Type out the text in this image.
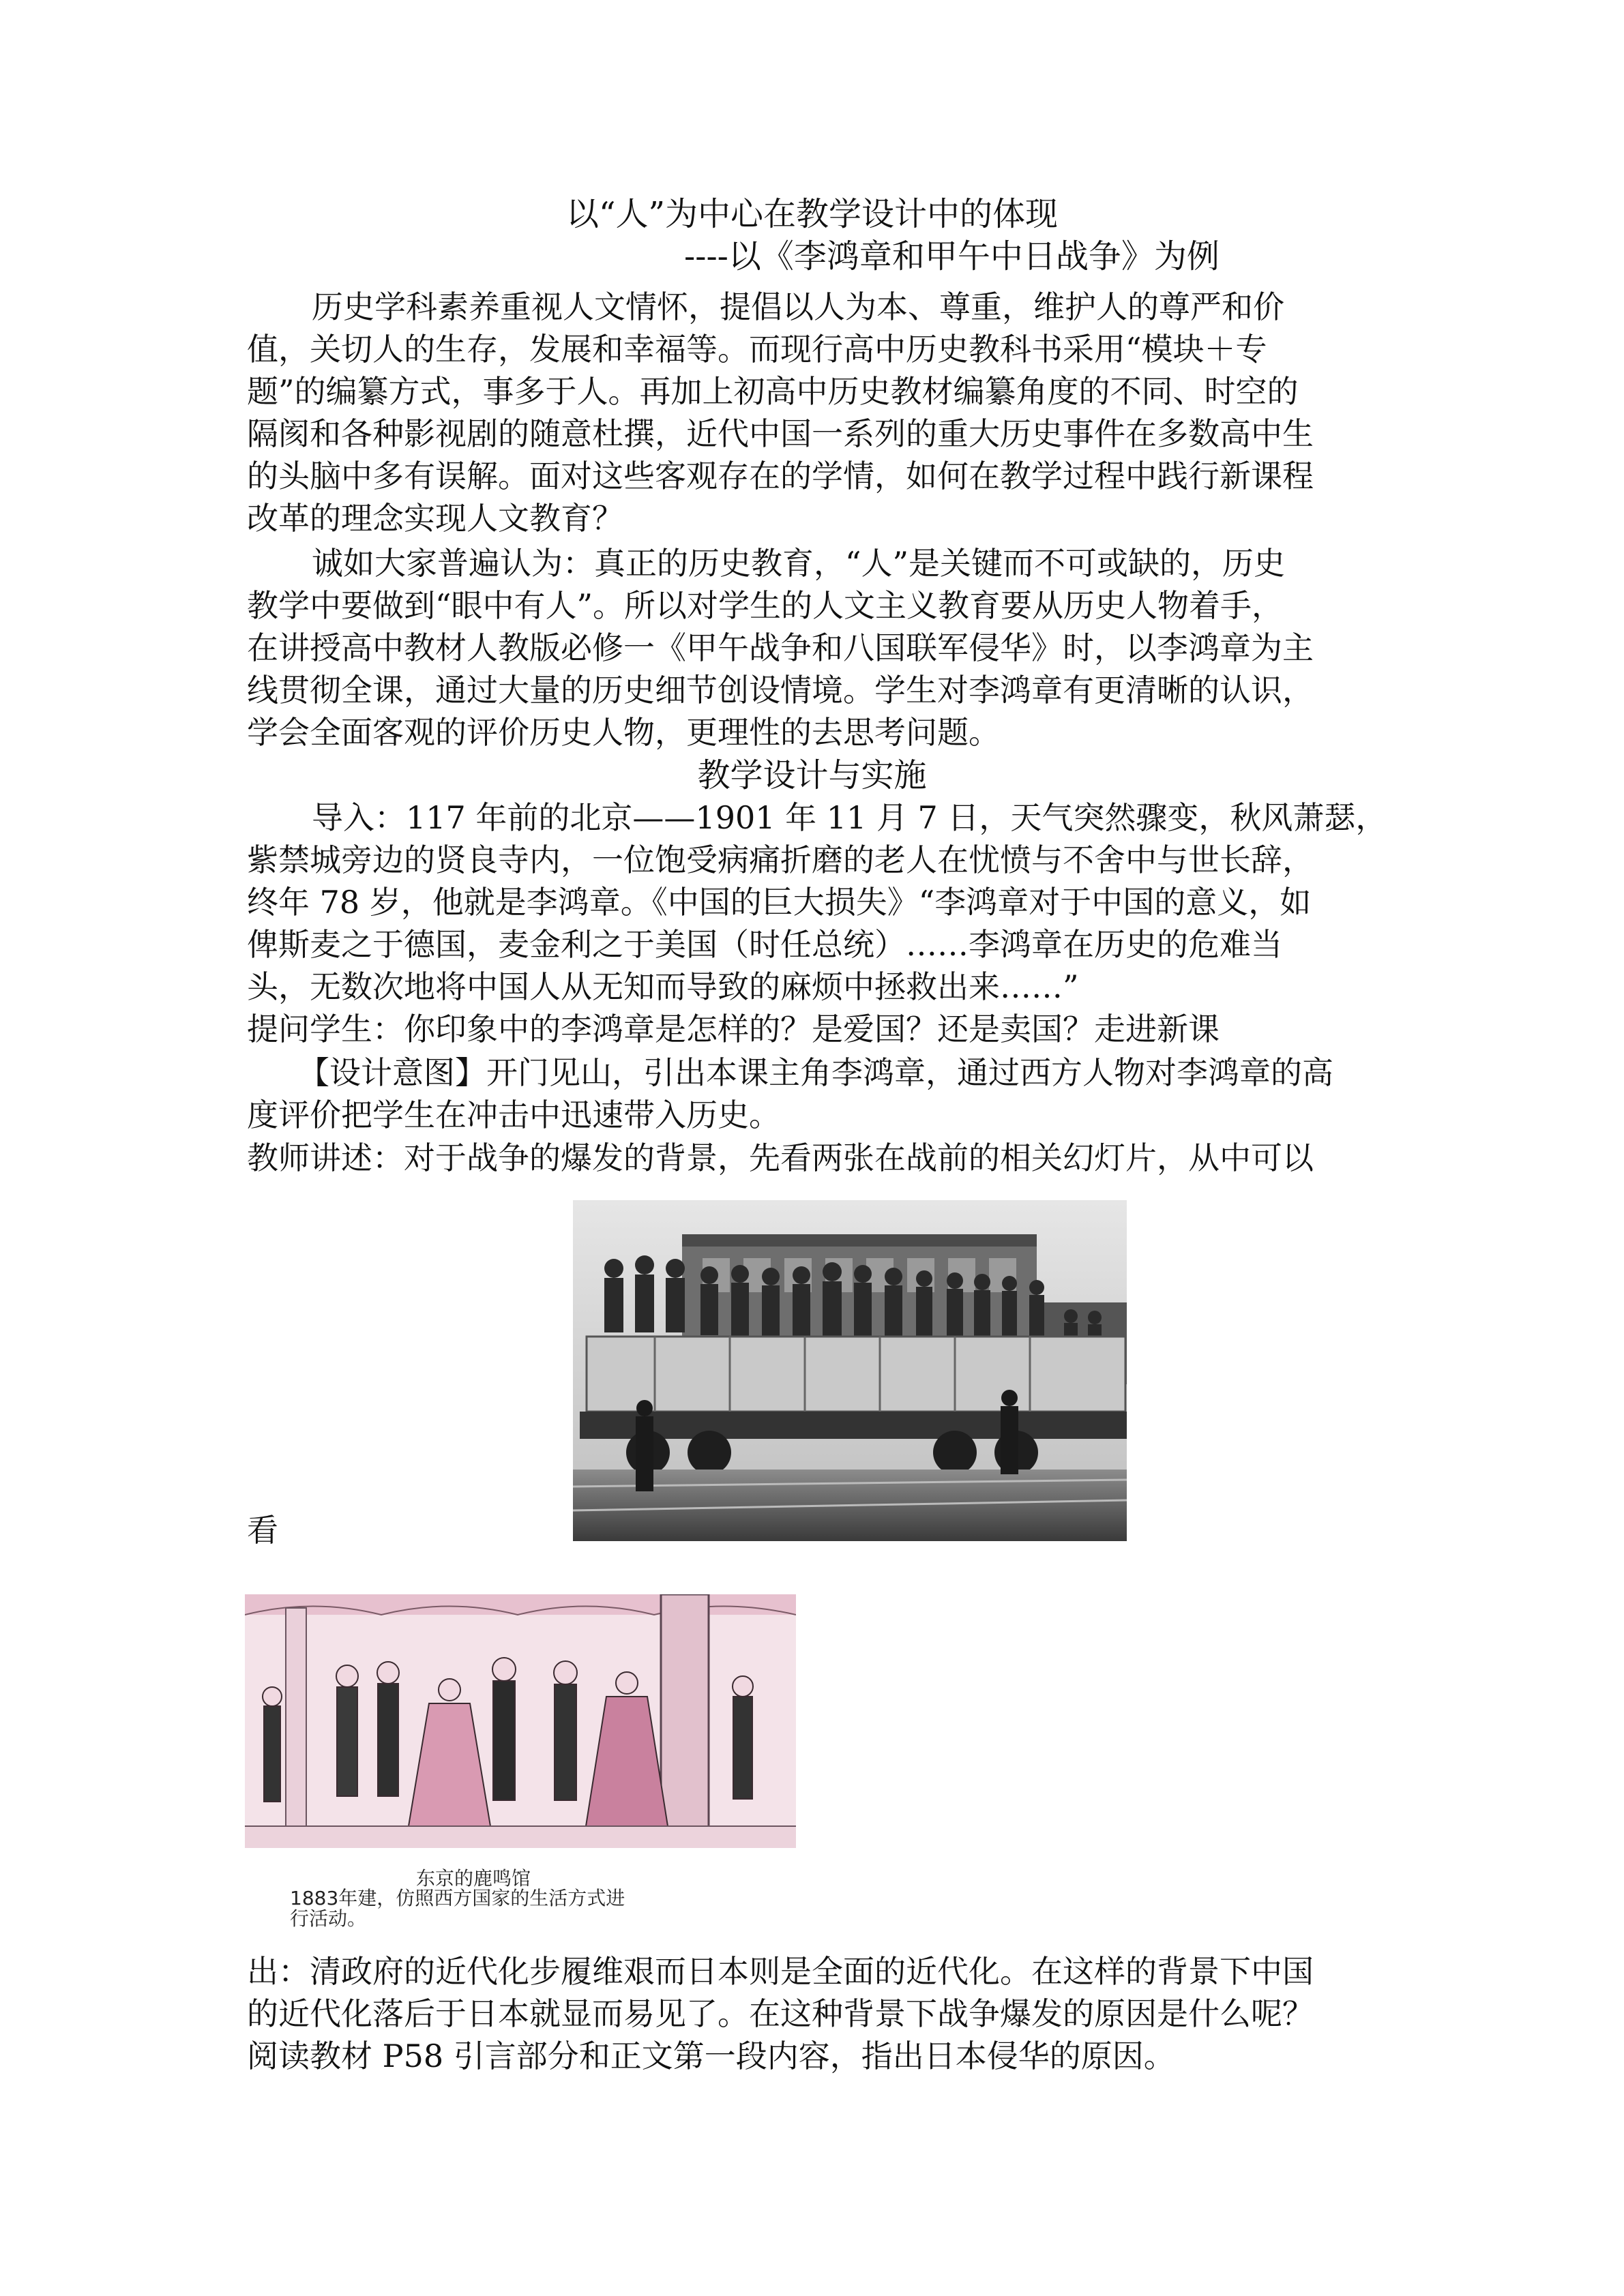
以“人”为中心在教学设计中的体现
----以《李鸿章和甲午中日战争》为例
历史学科素养重视人文情怀，提倡以人为本、尊重，维护人的尊严和价
值，关切人的生存，发展和幸福等。而现行高中历史教科书采用“模块＋专
题”的编纂方式，事多于人。再加上初高中历史教材编纂角度的不同、时空的
隔阂和各种影视剧的随意杜撰，近代中国一系列的重大历史事件在多数高中生
的头脑中多有误解。面对这些客观存在的学情，如何在教学过程中践行新课程
改革的理念实现人文教育？
诚如大家普遍认为：真正的历史教育，“人”是关键而不可或缺的，历史
教学中要做到“眼中有人”。所以对学生的人文主义教育要从历史人物着手，
在讲授高中教材人教版必修一《甲午战争和八国联军侵华》时，以李鸿章为主
线贯彻全课，通过大量的历史细节创设情境。学生对李鸿章有更清晰的认识，
学会全面客观的评价历史人物，更理性的去思考问题。
教学设计与实施
导入：117 年前的北京——1901 年 11 月 7 日，天气突然骤变，秋风萧瑟，
紫禁城旁边的贤良寺内，一位饱受病痛折磨的老人在忧愤与不舍中与世长辞，
终年 78 岁，他就是李鸿章。《中国的巨大损失》“李鸿章对于中国的意义，如
俾斯麦之于德国，麦金利之于美国（时任总统）……李鸿章在历史的危难当
头，无数次地将中国人从无知而导致的麻烦中拯救出来……”
提问学生：你印象中的李鸿章是怎样的？是爱国？还是卖国？走进新课
【设计意图】开门见山，引出本课主角李鸿章，通过西方人物对李鸿章的高
度评价把学生在冲击中迅速带入历史。
教师讲述：对于战争的爆发的背景，先看两张在战前的相关幻灯片，从中可以
看
东京的鹿鸣馆
1883年建，仿照西方国家的生活方式进
行活动。
出：清政府的近代化步履维艰而日本则是全面的近代化。在这样的背景下中国
的近代化落后于日本就显而易见了。在这种背景下战争爆发的原因是什么呢？
阅读教材 P58 引言部分和正文第一段内容，指出日本侵华的原因。
